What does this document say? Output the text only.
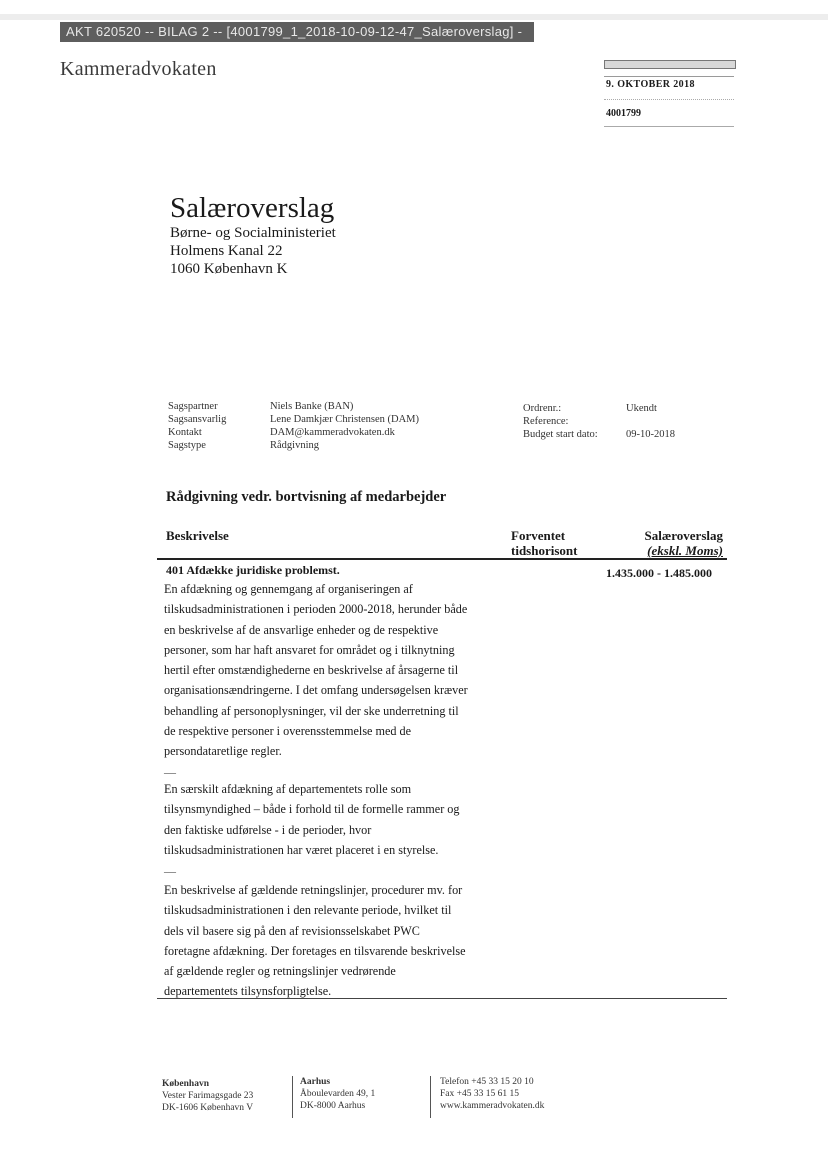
AKT 620520 -- BILAG 2 -- [4001799_1_2018-10-09-12-47_Salæroverslag] -
Kammeradvokaten
9. OKTOBER 2018
4001799
Salæroverslag
Børne- og Socialministeriet
Holmens Kanal 22
1060 København K
Sagspartner
Sagsansvarlig
Kontakt
Sagstype
Niels Banke (BAN)
Lene Damkjær Christensen (DAM)
DAM@kammeradvokaten.dk
Rådgivning
Ordrenr.:
Reference:
Budget start dato:
Ukendt
09-10-2018
Rådgivning vedr. bortvisning af medarbejder
Beskrivelse	Forventet
tidshorisont
Salæroverslag
(ekskl. Moms)
401 Afdække juridiske problemst.	1.435.000 - 1.485.000
En afdækning og gennemgang af organiseringen af
tilskudsadministrationen i perioden 2000-2018, herunder både
en beskrivelse af de ansvarlige enheder og de respektive
personer, som har haft ansvaret for området og i tilknytning
hertil efter omstændighederne en beskrivelse af årsagerne til
organisationsændringerne. I det omfang undersøgelsen kræver
behandling af personoplysninger, vil der ske underretning til
de respektive personer i overensstemmelse med de
persondataretlige regler.
—
En særskilt afdækning af departementets rolle som
tilsynsmyndighed – både i forhold til de formelle rammer og
den faktiske udførelse - i de perioder, hvor
tilskudsadministrationen har været placeret i en styrelse.
—
En beskrivelse af gældende retningslinjer, procedurer mv. for
tilskudsadministrationen i den relevante periode, hvilket til
dels vil basere sig på den af revisionsselskabet PWC
foretagne afdækning. Der foretages en tilsvarende beskrivelse
af gældende regler og retningslinjer vedrørende
departementets tilsynsforpligtelse.
København
Vester Farimagsgade 23
DK-1606 København V
Aarhus
Åboulevarden 49, 1
DK-8000 Aarhus
Telefon +45 33 15 20 10
Fax +45 33 15 61 15
www.kammeradvokaten.dk
